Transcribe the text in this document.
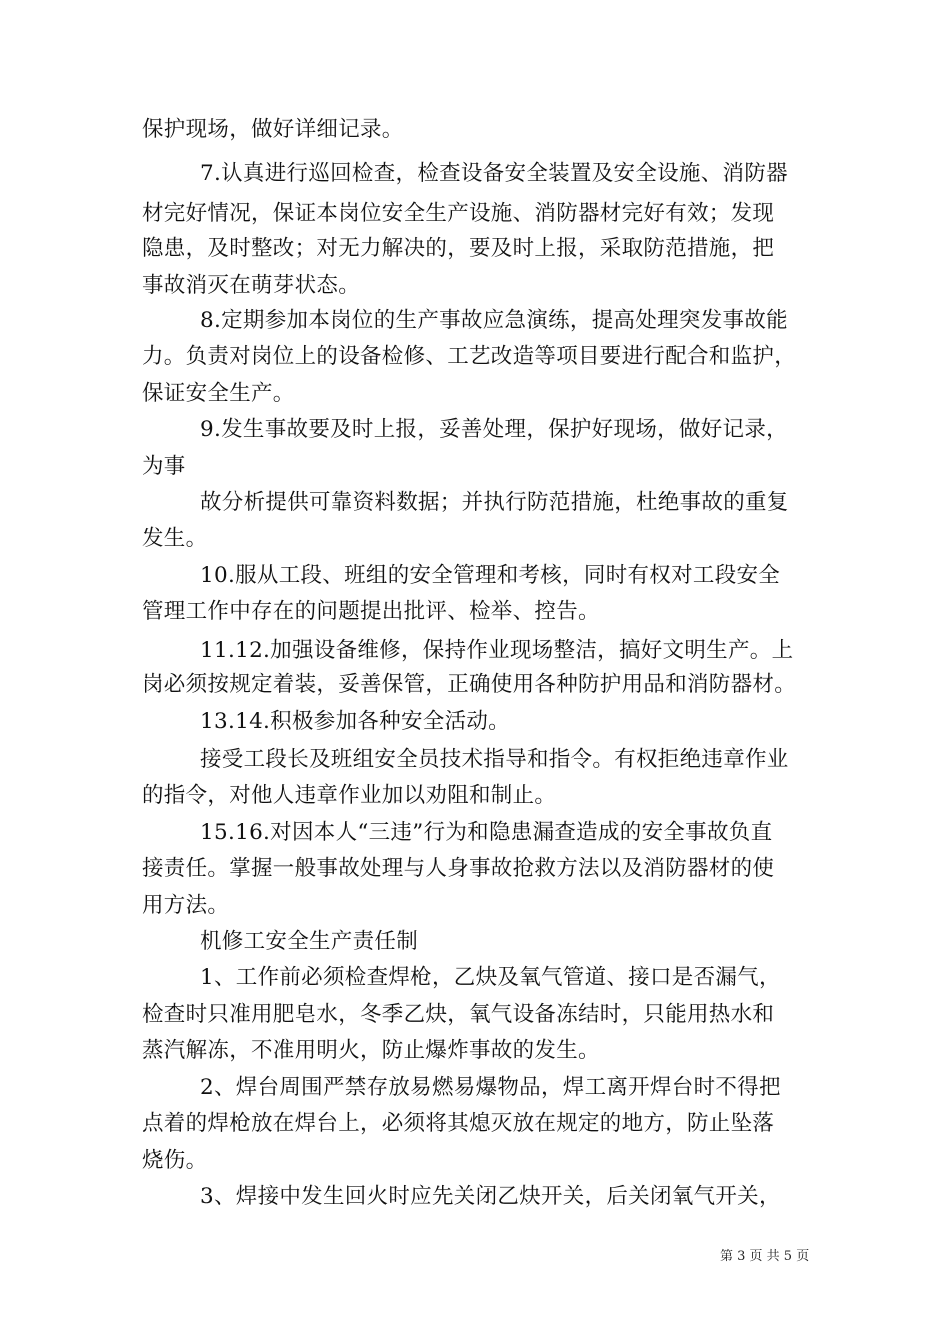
保护现场，做好详细记录。
7.认真进行巡回检查，检查设备安全装置及安全设施、消防器
材完好情况，保证本岗位安全生产设施、消防器材完好有效；发现
隐患，及时整改；对无力解决的，要及时上报，采取防范措施，把
事故消灭在萌芽状态。
8.定期参加本岗位的生产事故应急演练，提高处理突发事故能
力。负责对岗位上的设备检修、工艺改造等项目要进行配合和监护，
保证安全生产。
9.发生事故要及时上报，妥善处理，保护好现场，做好记录，
为事
故分析提供可靠资料数据；并执行防范措施，杜绝事故的重复
发生。
10.服从工段、班组的安全管理和考核，同时有权对工段安全
管理工作中存在的问题提出批评、检举、控告。
11.12.加强设备维修，保持作业现场整洁，搞好文明生产。上
岗必须按规定着装，妥善保管，正确使用各种防护用品和消防器材。
13.14.积极参加各种安全活动。
接受工段长及班组安全员技术指导和指令。有权拒绝违章作业
的指令，对他人违章作业加以劝阻和制止。
15.16.对因本人“三违”行为和隐患漏查造成的安全事故负直
接责任。掌握一般事故处理与人身事故抢救方法以及消防器材的使
用方法。
机修工安全生产责任制
1、工作前必须检查焊枪，乙炔及氧气管道、接口是否漏气，
检查时只准用肥皂水，冬季乙炔，氧气设备冻结时，只能用热水和
蒸汽解冻，不准用明火，防止爆炸事故的发生。
2、焊台周围严禁存放易燃易爆物品，焊工离开焊台时不得把
点着的焊枪放在焊台上，必须将其熄灭放在规定的地方，防止坠落
烧伤。
3、焊接中发生回火时应先关闭乙炔开关，后关闭氧气开关，
第 3 页 共 5 页
